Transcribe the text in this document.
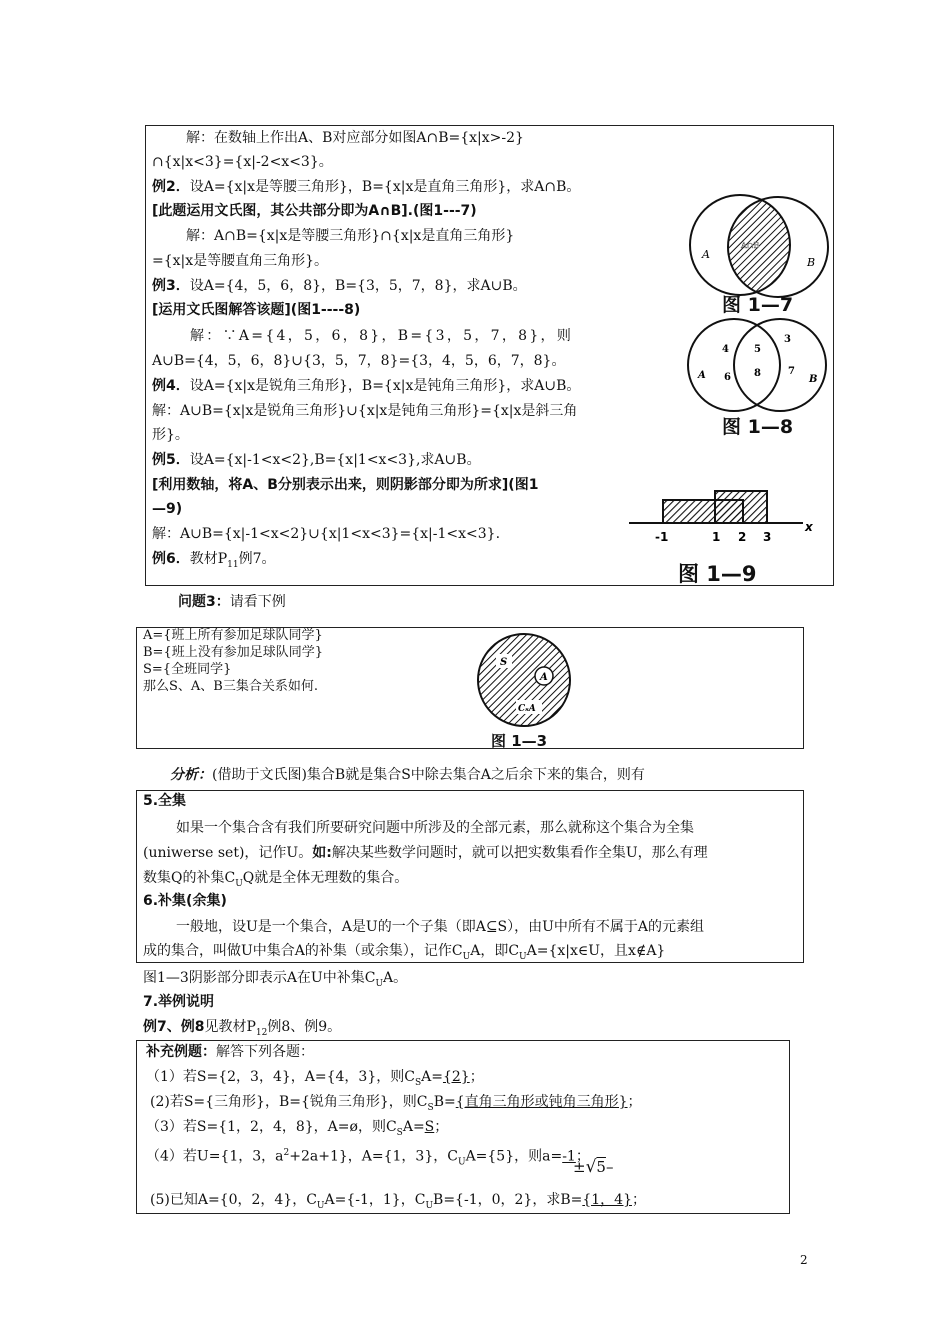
解：在数轴上作出A、B对应部分如图A∩B={x|x>-2}
∩{x|x<3}={x|-2<x<3}。
例2．设A={x|x是等腰三角形}，B={x|x是直角三角形}，求A∩B。
[此题运用文氏图，其公共部分即为A∩B].(图1---7)
解：A∩B={x|x是等腰三角形}∩{x|x是直角三角形}
={x|x是等腰直角三角形}。
例3．设A={4，5，6，8}，B={3，5，7，8}，求A∪B。
[运用文氏图解答该题](图1----8)
解：∵A={4，5，6，8}，B={3，5，7，8}，则
A∪B={4，5，6，8}∪{3，5，7，8}={3，4，5，6，7，8}。
例4．设A={x|x是锐角三角形}，B={x|x是钝角三角形}，求A∪B。
解：A∪B={x|x是锐角三角形}∪{x|x是钝角三角形}={x|x是斜三角
形}。
例5．设A={x|-1<x<2},B={x|1<x<3},求A∪B。
[利用数轴，将A、B分别表示出来，则阴影部分即为所求](图1
—9)
解：A∪B={x|-1<x<2}∪{x|1<x<3}={x|-1<x<3}.
例6．教材$P_{11}$例7。
A
B
A∩B
图 1—7
4
6
5
8
3
7
A	B
图 1—8
-1	1 2 3
x
图 1—9
问题3：请看下例
A={班上所有参加足球队同学}
B={班上没有参加足球队同学}
S={全班同学}
那么S、A、B三集合关系如何.
S
A
CₛA
图 1—3
分析：(借助于文氏图)集合B就是集合S中除去集合A之后余下来的集合，则有
5.全集
如果一个集合含有我们所要研究问题中所涉及的全部元素，那么就称这个集合为全集
(uniwerse set)，记作U。如:解决某些数学问题时，就可以把实数集看作全集U，那么有理
数集Q的补集$C_UQ$就是全体无理数的集合。
6.补集(余集)
一般地，设U是一个集合，A是U的一个子集（即A⊆S），由U中所有不属于A的元素组
成的集合，叫做U中集合A的补集（或余集），记作$C_UA$，即$C_UA=\{x|x\in U$，且x∉A}
图1—3阴影部分即表示A在U中补集$C_UA$。
7.举例说明
例7、例8见教材$P_{12}$例8、例9。
补充例题：解答下列各题：
（1）若S={2，3，4}，A={4，3}，则$C_SA=\{2\}$；
(2)若S={三角形}，B={锐角三角形}，则$C_SB=${直角三角形或钝角三角形}；
（3）若S={1，2，4，8}，A=ø，则$C_SA=S$；
（4）若U={1，3，$a^2+2a+1$}，A={1，3}，$C_UA=\{5\}$，则a=-1；
±√5–
(5)已知A={0，2，4}，$C_UA=\{-1$，1}，$C_UB=\{-1$，0，2}，求B={1，4}；
2
